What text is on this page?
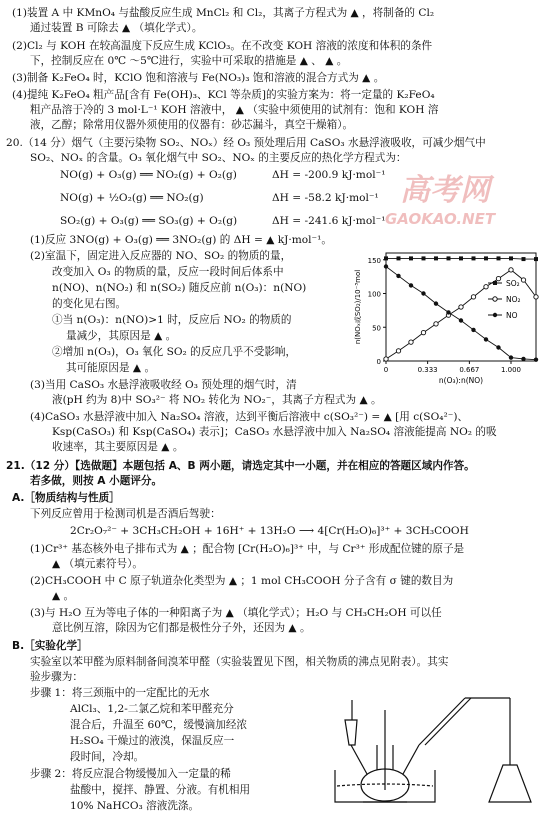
高考网
GAOKAO.NET
(1)装置 A 中 KMnO₄ 与盐酸反应生成 MnCl₂ 和 Cl₂，其离子方程式为 ▲ ，将制备的 Cl₂
通过装置 B 可除去 ▲ （填化学式）。
(2)Cl₂ 与 KOH 在较高温度下反应生成 KClO₃。在不改变 KOH 溶液的浓度和体积的条件
下，控制反应在 0℃ ～5℃进行，实验中可采取的措施是 ▲ 、 ▲ 。
(3)制备 K₂FeO₄ 时，KClO 饱和溶液与 Fe(NO₃)₃ 饱和溶液的混合方式为 ▲ 。
(4)提纯 K₂FeO₄ 粗产品[含有 Fe(OH)₃、KCl 等杂质]的实验方案为：将一定量的 K₂FeO₄
粗产品溶于冷的 3 mol·L⁻¹ KOH 溶液中， ▲ （实验中须使用的试剂有：饱和 KOH 溶
液，乙醇；除常用仪器外须使用的仪器有：砂芯漏斗，真空干燥箱）。
20.（14 分）烟气（主要污染物 SO₂、NOₓ）经 O₃ 预处理后用 CaSO₃ 水悬浮液吸收，可减少烟气中
SO₂、NOₓ 的含量。O₃ 氧化烟气中 SO₂、NOₓ 的主要反应的热化学方程式为：
NO(g) + O₃(g) ══ NO₂(g) + O₂(g)	ΔH = -200.9 kJ·mol⁻¹
NO(g) + ½O₂(g) ══ NO₂(g)	ΔH = -58.2 kJ·mol⁻¹
SO₂(g) + O₃(g) ══ SO₃(g) + O₂(g)	ΔH = -241.6 kJ·mol⁻¹
(1)反应 3NO(g) + O₃(g) ══ 3NO₂(g) 的 ΔH = ▲ kJ·mol⁻¹。
(2)室温下，固定进入反应器的 NO、SO₂ 的物质的量，
改变加入 O₃ 的物质的量，反应一段时间后体系中
n(NO)、n(NO₂) 和 n(SO₂) 随反应前 n(O₃)：n(NO)
的变化见右图。
①当 n(O₃)：n(NO)>1 时，反应后 NO₂ 的物质的
量减少，其原因是 ▲ 。
②增加 n(O₃)，O₃ 氧化 SO₂ 的反应几乎不受影响，
其可能原因是 ▲ 。
(3)当用 CaSO₃ 水悬浮液吸收经 O₃ 预处理的烟气时，清
液(pH 约为 8)中 SO₃²⁻ 将 NO₂ 转化为 NO₂⁻，其离子方程式为 ▲ 。
(4)CaSO₃ 水悬浮液中加入 Na₂SO₄ 溶液，达到平衡后溶液中 c(SO₃²⁻) = ▲ [用 c(SO₄²⁻)、
Ksp(CaSO₃) 和 Ksp(CaSO₄) 表示]；CaSO₃ 水悬浮液中加入 Na₂SO₄ 溶液能提高 NO₂ 的吸
收速率，其主要原因是 ▲ 。
0
50
100
150
0	0.333	0.667	1.000
n(O₃):n(NO)
n(NOₓ或SO₂)/10⁻³mol	SO₂
NO₂
NO
21.（12 分）【选做题】本题包括 A、B 两小题，请选定其中一小题，并在相应的答题区域内作答。
若多做，则按 A 小题评分。
A.［物质结构与性质］
下列反应曾用于检测司机是否酒后驾驶：
2Cr₂O₇²⁻ + 3CH₃CH₂OH + 16H⁺ + 13H₂O ⟶ 4[Cr(H₂O)₆]³⁺ + 3CH₃COOH
(1)Cr³⁺ 基态核外电子排布式为 ▲ ；配合物 [Cr(H₂O)₆]³⁺ 中，与 Cr³⁺ 形成配位键的原子是
▲ （填元素符号）。
(2)CH₃COOH 中 C 原子轨道杂化类型为 ▲ ；1 mol CH₃COOH 分子含有 σ 键的数目为
▲ 。
(3)与 H₂O 互为等电子体的一种阳离子为 ▲ （填化学式）；H₂O 与 CH₃CH₂OH 可以任
意比例互溶，除因为它们都是极性分子外，还因为 ▲ 。
B.［实验化学］
实验室以苯甲醛为原料制备间溴苯甲醛（实验装置见下图，相关物质的沸点见附表）。其实
验步骤为：
步骤 1：将三颈瓶中的一定配比的无水
AlCl₃、1,2-二氯乙烷和苯甲醛充分
混合后，升温至 60℃，缓慢滴加经浓
H₂SO₄ 干燥过的液溴，保温反应一
段时间，冷却。
步骤 2：将反应混合物缓慢加入一定量的稀
盐酸中，搅拌、静置、分液。有机相用
10% NaHCO₃ 溶液洗涤。
